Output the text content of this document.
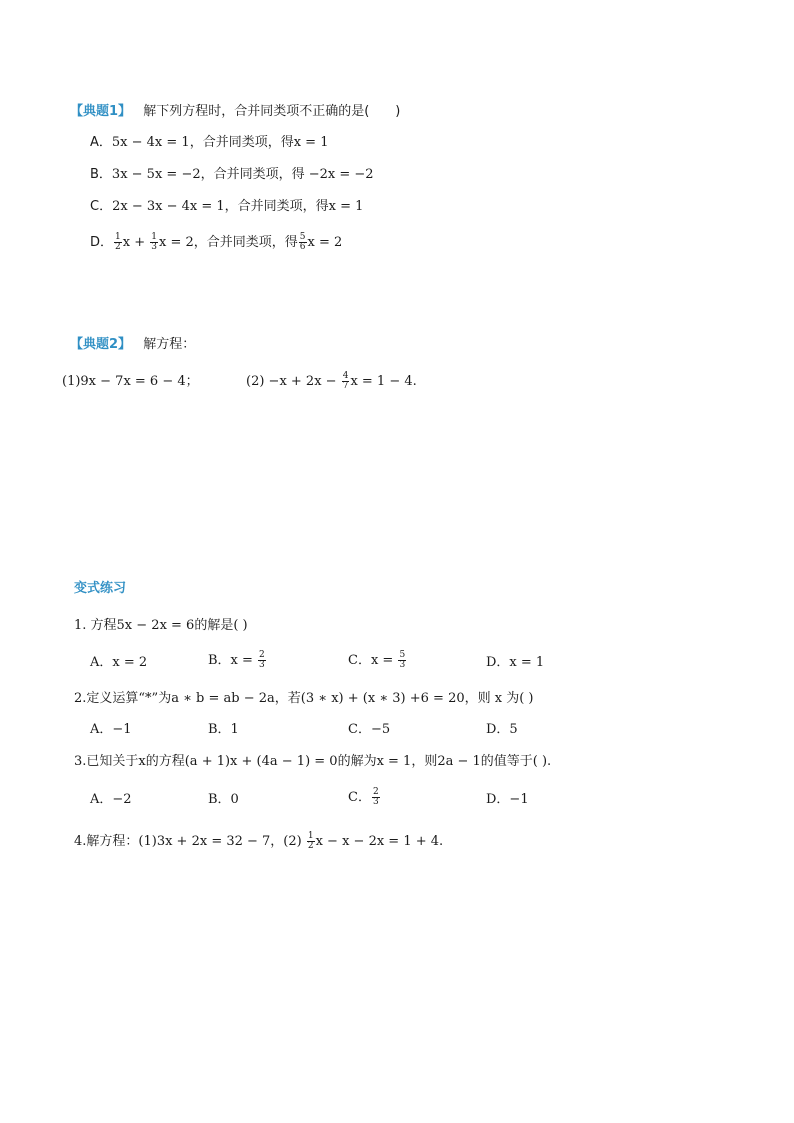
【典题1】 解下列方程时，合并同类项不正确的是(　　)
A．5x − 4x = 1，合并同类项，得x = 1
B．3x − 5x = −2，合并同类项，得 −2x = −2
C．2x − 3x − 4x = 1，合并同类项，得x = 1
D． $\frac{1}{2}$ $x + \frac{1}{3}$ x = 2，合并同类项，得 $\frac{5}{6}$ x = 2
【典题2】 解方程：
(1)9x − 7x = 6 − 4；	$(2) -x + 2x - \frac{4}{7}$ x = 1 − 4.
变式练习
1. 方程5x − 2x = 6的解是( )
A．x = 2	B．$x = \frac{2}{3}$	C．$x = \frac{5}{3}$	D．x = 1
2.定义运算“*”为a ∗ b = ab − 2a，若(3 ∗ x) + (x ∗ 3) +6 = 20，则 x 为( )
A．−1	B．1	C．−5	D．5
3.已知关于x的方程(a + 1)x + (4a − 1) = 0的解为x = 1，则2a − 1的值等于( ).
A．−2	B．0	C． $\frac{2}{3}$	D．−1
4.解方程：(1)3x + 2x = 32 − 7，$(2) \frac{1}{2}$ x − x − 2x = 1 + 4.
